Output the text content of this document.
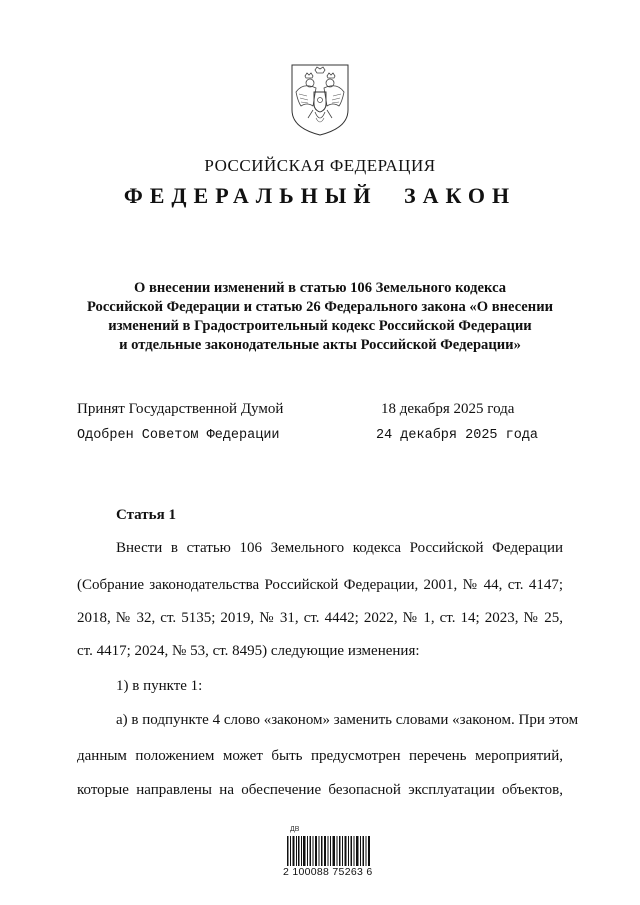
РОССИЙСКАЯ ФЕДЕРАЦИЯ
ФЕДЕРАЛЬНЫЙ ЗАКОН
О внесении изменений в статью 106 Земельного кодекса
Российской Федерации и статью 26 Федерального закона «О внесении
изменений в Градостроительный кодекс Российской Федерации
и отдельные законодательные акты Российской Федерации»
Принят Государственной Думой	18 декабря 2025 года
Одобрен Советом Федерации	24 декабря 2025 года
Статья 1
Внести в статью 106 Земельного кодекса Российской Федерации
(Собрание законодательства Российской Федерации, 2001, № 44, ст. 4147;
2018, № 32, ст. 5135; 2019, № 31, ст. 4442; 2022, № 1, ст. 14; 2023, № 25,
ст. 4417; 2024, № 53, ст. 8495) следующие изменения:
1) в пункте 1:
а) в подпункте 4 слово «законом» заменить словами «законом. При этом
данным положением может быть предусмотрен перечень мероприятий,
которые направлены на обеспечение безопасной эксплуатации объектов,
ДВ
2 100088 75263 6
